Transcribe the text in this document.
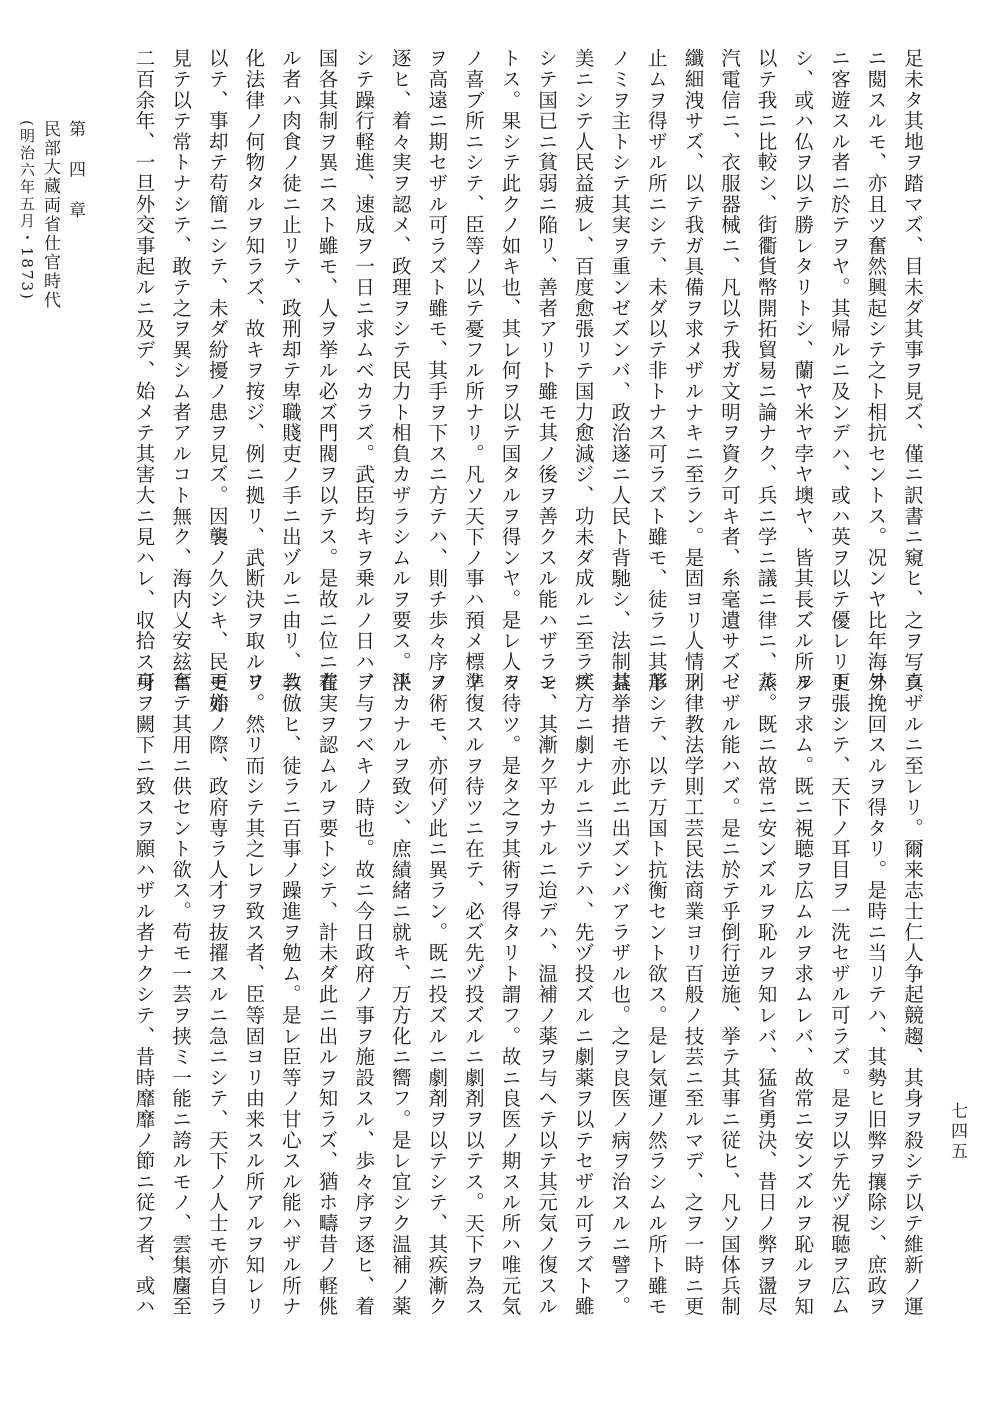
第 四 章
民部大蔵両省仕官時代
(明治六年五月・1873)	足未タ其地ヲ踏マズ、目未ダ其事ヲ見ズ、僅ニ訳書ニ窺ヒ、之ヲ写真
ニ閲スルモ、亦且ツ奮然興起シテ之ト相抗セントス。况ンヤ比年海外
ニ客遊スル者ニ於テヲヤ。其帰ルニ及ンデハ、或ハ英ヲ以テ優レリト
シ、或ハ仏ヲ以テ勝レタリトシ、蘭ヤ米ヤ孛ヤ墺ヤ、皆其長ズル所ヲ
以テ我ニ比較シ、街衢貨幣開拓貿易ニ論ナク、兵ニ学ニ議ニ律ニ、蒸
汽電信ニ、衣服器械ニ、凡以テ我ガ文明ヲ資ク可キ者、糸毫遺サズ、
纖細洩サズ、以テ我ガ具備ヲ求メザルナキニ至ラン。是固ヨリ人情ノ
止ムヲ得ザル所ニシテ、未ダ以テ非トナス可ラズト雖モ、徒ラニ其形
ノミヲ主トシテ其実ヲ重ンゼズンバ、政治遂ニ人民ト背馳シ、法制益
美ニシテ人民益疲レ、百度愈張リテ国力愈減ジ、功未ダ成ルニ至ラズ
シテ国已ニ貧弱ニ陥リ、善者アリト雖モ其ノ後ヲ善クスル能ハザラン
トス。果シテ此クノ如キ也、其レ何ヲ以テ国タルヲ得ンヤ。是レ人々
ノ喜ブ所ニシテ、臣等ノ以テ憂フル所ナリ。凡ソ天下ノ事ハ預メ標準
ヲ高遠ニ期セザル可ラズト雖モ、其手ヲ下スニ方テハ、則チ歩々序ヲ
逐ヒ、着々実ヲ認メ、政理ヲシテ民力ト相負カザラシムルヲ要ス。決
シテ躁行軽進、速成ヲ一日ニ求ムベカラズ。武臣均キヲ乗ルノ日ハ、
国各其制ヲ異ニスト雖モ、人ヲ挙ル必ズ門閥ヲ以テス。是故ニ位ニ在
ル者ハ肉食ノ徒ニ止リテ、政刑却テ卑職賤吏ノ手ニ出ヅルニ由リ、教
化法律ノ何物タルヲ知ラズ、故キヲ按ジ、例ニ拠リ、武断決ヲ取ルヲ
以テ、事却テ苟簡ニシテ、未ダ紛擾ノ患ヲ見ズ。因襲ノ久シキ、民モ亦
見テ以テ常トナシテ、敢テ之ヲ異シム者アルコト無ク、海内乂安玆ニ
二百余年、一旦外交事起ルニ及デ、始メテ其害大ニ見ハレ、収拾ス可
ラザルニ至レリ。爾来志士仁人争起競趨、其身ヲ殺シテ以テ維新ノ運
ヲ挽回スルヲ得タリ。是時ニ当リテハ、其勢ヒ旧弊ヲ攘除シ、庶政ヲ
更張シテ、天下ノ耳目ヲ一洗セザル可ラズ。是ヲ以テ先ヅ視聴ヲ広ム
ルヲ求ム。既ニ視聴ヲ広ムルヲ求ムレバ、故常ニ安ンズルヲ恥ルヲ知
ル。既ニ故常ニ安ンズルヲ恥ルヲ知レバ、猛省勇決、昔日ノ弊ヲ盪尽
セザル能ハズ。是ニ於テ乎倒行逆施、挙テ其事ニ従ヒ、凡ソ国体兵制
刑律教法学則工芸民法商業ヨリ百般ノ技芸ニ至ルマデ、之ヲ一時ニ更
革シテ、以テ万国ト抗衡セント欲ス。是レ気運ノ然ラシムル所ト雖モ
其挙措モ亦此ニ出ズンバアラザル也。之ヲ良医ノ病ヲ治スルニ譬フ。
疾方ニ劇ナルニ当ツテハ、先ヅ投ズルニ劇薬ヲ以テセザル可ラズト雖
モ、其漸ク平カナルニ迨デハ、温補ノ薬ヲ与ヘテ以テ其元気ノ復スル
ヲ待ツ。是タ之ヲ其術ヲ得タリト謂フ。故ニ良医ノ期スル所ハ唯元気
ノ復スルヲ待ツニ在テ、必ズ先ヅ投ズルニ劇剤ヲ以テス。天下ヲ為ス
ノ術モ、亦何ゾ此ニ異ラン。既ニ投ズルニ劇剤ヲ以テシテ、其疾漸ク
平カナルヲ致シ、庶績緒ニ就キ、万方化ニ嚮フ。是レ宜シク温補ノ薬
ヲ与フベキノ時也。故ニ今日政府ノ事ヲ施設スル、歩々序ヲ逐ヒ、着
着実ヲ認ムルヲ要トシテ、計未ダ此ニ出ルヲ知ラズ、猶ホ疇昔ノ軽佻
ニ倣ヒ、徒ラニ百事ノ躁進ヲ勉ム。是レ臣等ノ甘心スル能ハザル所ナ
リ。然リ而シテ其之レヲ致ス者、臣等固ヨリ由来スル所アルヲ知レリ
更始ノ際、政府専ラ人才ヲ抜擢スルニ急ニシテ、天下ノ人士モ亦自ラ
奮テ其用ニ供セント欲ス。苟モ一芸ヲ挟ミ一能ニ誇ルモノ、雲集麕至
身ヲ闕下ニ致スヲ願ハザル者ナクシテ、昔時靡靡ノ節ニ従フ者、或ハ	七四五
